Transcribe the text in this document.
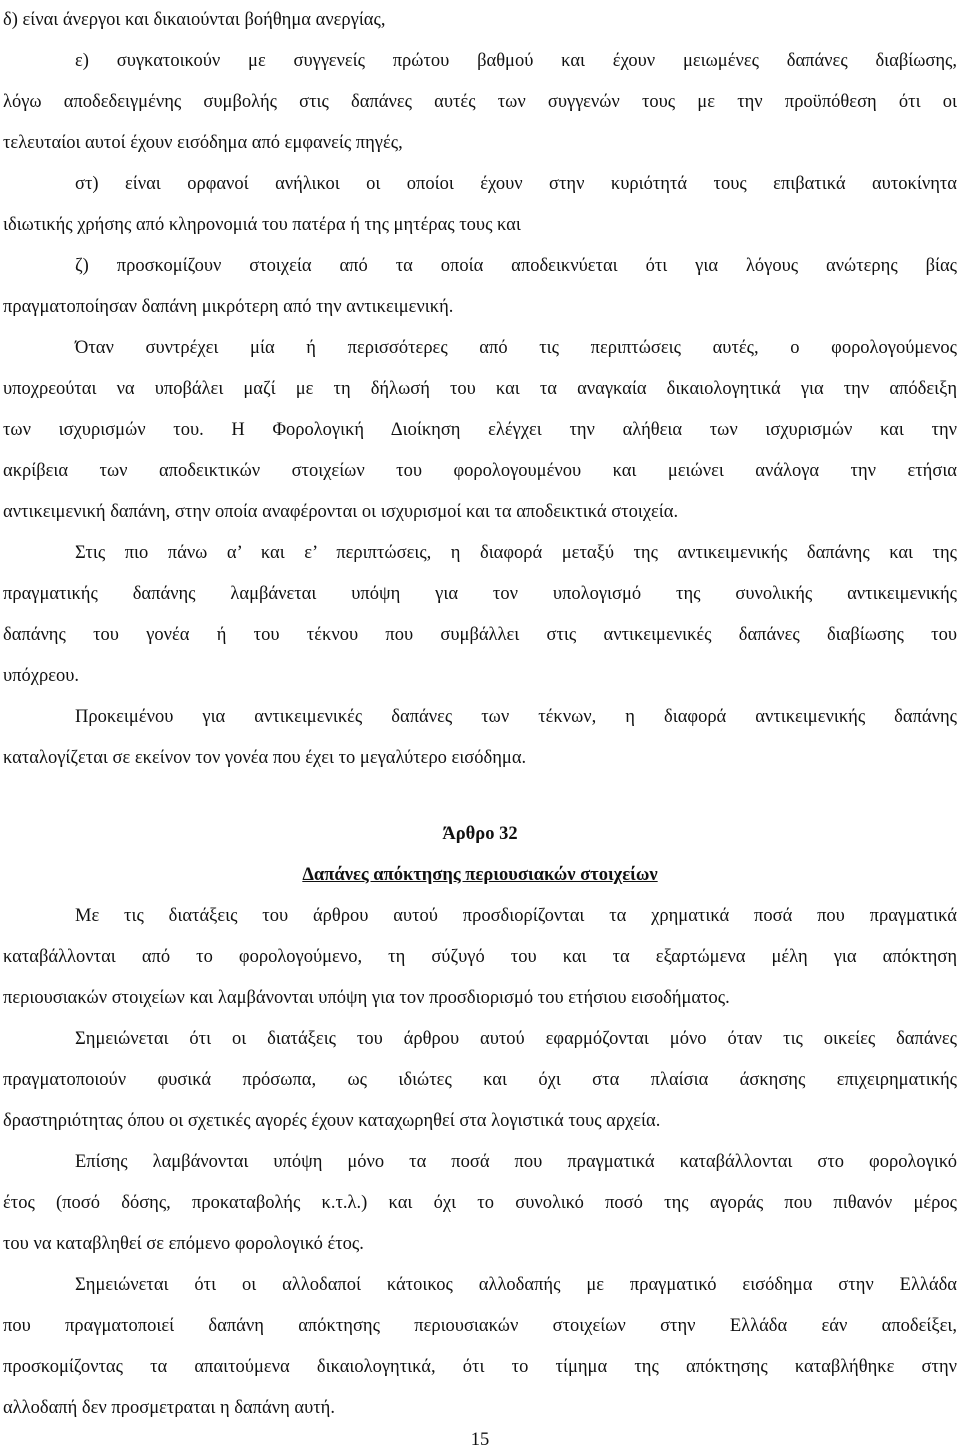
δ) είναι άνεργοι και δικαιούνται βοήθημα ανεργίας,
ε) συγκατοικούν με συγγενείς πρώτου βαθμού και έχουν μειωμένες δαπάνες διαβίωσης,
λόγω αποδεδειγμένης συμβολής στις δαπάνες αυτές των συγγενών τους με την προϋπόθεση ότι οι
τελευταίοι αυτοί έχουν εισόδημα από εμφανείς πηγές,
στ) είναι ορφανοί ανήλικοι οι οποίοι έχουν στην κυριότητά τους επιβατικά αυτοκίνητα
ιδιωτικής χρήσης από κληρονομιά του πατέρα ή της μητέρας τους και
ζ) προσκομίζουν στοιχεία από τα οποία αποδεικνύεται ότι για λόγους ανώτερης βίας
πραγματοποίησαν δαπάνη μικρότερη από την αντικειμενική.
Όταν συντρέχει μία ή περισσότερες από τις περιπτώσεις αυτές, ο φορολογούμενος
υποχρεούται να υποβάλει μαζί με τη δήλωσή του και τα αναγκαία δικαιολογητικά για την απόδειξη
των ισχυρισμών του. Η Φορολογική Διοίκηση ελέγχει την αλήθεια των ισχυρισμών και την
ακρίβεια των αποδεικτικών στοιχείων του φορολογουμένου και μειώνει ανάλογα την ετήσια
αντικειμενική δαπάνη, στην οποία αναφέρονται οι ισχυρισμοί και τα αποδεικτικά στοιχεία.
Στις πιο πάνω α’ και ε’ περιπτώσεις, η διαφορά μεταξύ της αντικειμενικής δαπάνης και της
πραγματικής δαπάνης λαμβάνεται υπόψη για τον υπολογισμό της συνολικής αντικειμενικής
δαπάνης του γονέα ή του τέκνου που συμβάλλει στις αντικειμενικές δαπάνες διαβίωσης του
υπόχρεου.
Προκειμένου για αντικειμενικές δαπάνες των τέκνων, η διαφορά αντικειμενικής δαπάνης
καταλογίζεται σε εκείνον τον γονέα που έχει το μεγαλύτερο εισόδημα.
Άρθρο 32
Δαπάνες απόκτησης περιουσιακών στοιχείων
Με τις διατάξεις του άρθρου αυτού προσδιορίζονται τα χρηματικά ποσά που πραγματικά
καταβάλλονται από το φορολογούμενο, τη σύζυγό του και τα εξαρτώμενα μέλη για απόκτηση
περιουσιακών στοιχείων και λαμβάνονται υπόψη για τον προσδιορισμό του ετήσιου εισοδήματος.
Σημειώνεται ότι οι διατάξεις του άρθρου αυτού εφαρμόζονται μόνο όταν τις οικείες δαπάνες
πραγματοποιούν φυσικά πρόσωπα, ως ιδιώτες και όχι στα πλαίσια άσκησης επιχειρηματικής
δραστηριότητας όπου οι σχετικές αγορές έχουν καταχωρηθεί στα λογιστικά τους αρχεία.
Επίσης λαμβάνονται υπόψη μόνο τα ποσά που πραγματικά καταβάλλονται στο φορολογικό
έτος (ποσό δόσης, προκαταβολής κ.τ.λ.) και όχι το συνολικό ποσό της αγοράς που πιθανόν μέρος
του να καταβληθεί σε επόμενο φορολογικό έτος.
Σημειώνεται ότι οι αλλοδαποί κάτοικος αλλοδαπής με πραγματικό εισόδημα στην Ελλάδα
που πραγματοποιεί δαπάνη απόκτησης περιουσιακών στοιχείων στην Ελλάδα εάν αποδείξει,
προσκομίζοντας τα απαιτούμενα δικαιολογητικά, ότι το τίμημα της απόκτησης καταβλήθηκε στην
αλλοδαπή δεν προσμετραται η δαπάνη αυτή.
15
